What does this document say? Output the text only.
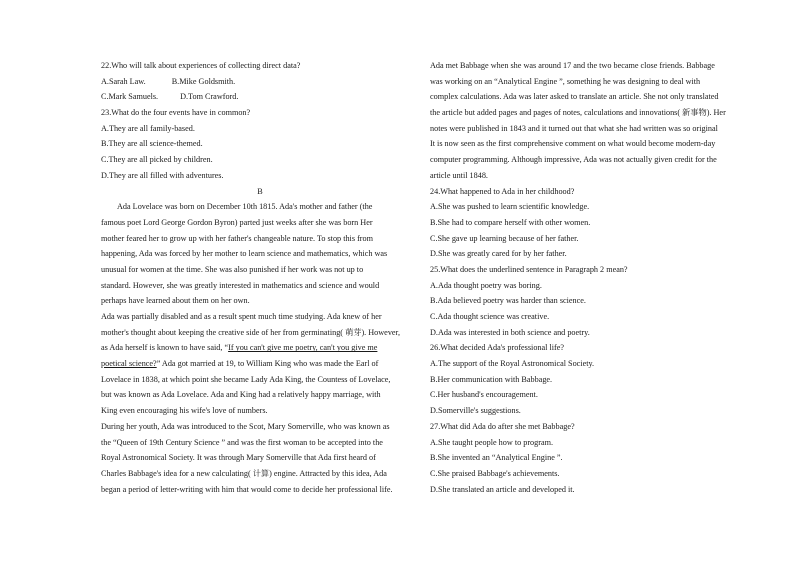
22.Who will talk about experiences of collecting direct data?
A.Sarah Law.	B.Mike Goldsmith.
C.Mark Samuels.	D.Tom Crawford.
23.What do the four events have in common?
A.They are all family-based.
B.They are all science-themed.
C.They are all picked by children.
D.They are all filled with adventures.
B
Ada Lovelace was born on December 10th 1815. Ada's mother and father (the
famous poet Lord George Gordon Byron) parted just weeks after she was born Her
mother feared her to grow up with her father's changeable nature. To stop this from
happening, Ada was forced by her mother to learn science and mathematics, which was
unusual for women at the time. She was also punished if her work was not up to
standard. However, she was greatly interested in mathematics and science and would
perhaps have learned about them on her own.
Ada was partially disabled and as a result spent much time studying. Ada knew of her
mother's thought about keeping the creative side of her from germinating( 萌芽). However,
as Ada herself is known to have said, “If you can't give me poetry, can't you give me
poetical science?” Ada got married at 19, to William King who was made the Earl of
Lovelace in 1838, at which point she became Lady Ada King, the Countess of Lovelace,
but was known as Ada Lovelace. Ada and King had a relatively happy marriage, with
King even encouraging his wife's love of numbers.
During her youth, Ada was introduced to the Scot, Mary Somerville, who was known as
the “Queen of 19th Century Science ” and was the first woman to be accepted into the
Royal Astronomical Society. It was through Mary Somerville that Ada first heard of
Charles Babbage's idea for a new calculating( 计算) engine. Attracted by this idea, Ada
began a period of letter-writing with him that would come to decide her professional life.
Ada met Babbage when she was around 17 and the two became close friends. Babbage
was working on an “Analytical Engine ”, something he was designing to deal with
complex calculations. Ada was later asked to translate an article. She not only translated
the article but added pages and pages of notes, calculations and innovations( 新事物). Her
notes were published in 1843 and it turned out that what she had written was so original
It is now seen as the first comprehensive comment on what would become modern-day
computer programming. Although impressive, Ada was not actually given credit for the
article until 1848.
24.What happened to Ada in her childhood?
A.She was pushed to learn scientific knowledge.
B.She had to compare herself with other women.
C.She gave up learning because of her father.
D.She was greatly cared for by her father.
25.What does the underlined sentence in Paragraph 2 mean?
A.Ada thought poetry was boring.
B.Ada believed poetry was harder than science.
C.Ada thought science was creative.
D.Ada was interested in both science and poetry.
26.What decided Ada's professional life?
A.The support of the Royal Astronomical Society.
B.Her communication with Babbage.
C.Her husband's encouragement.
D.Somerville's suggestions.
27.What did Ada do after she met Babbage?
A.She taught people how to program.
B.She invented an “Analytical Engine ”.
C.She praised Babbage's achievements.
D.She translated an article and developed it.
